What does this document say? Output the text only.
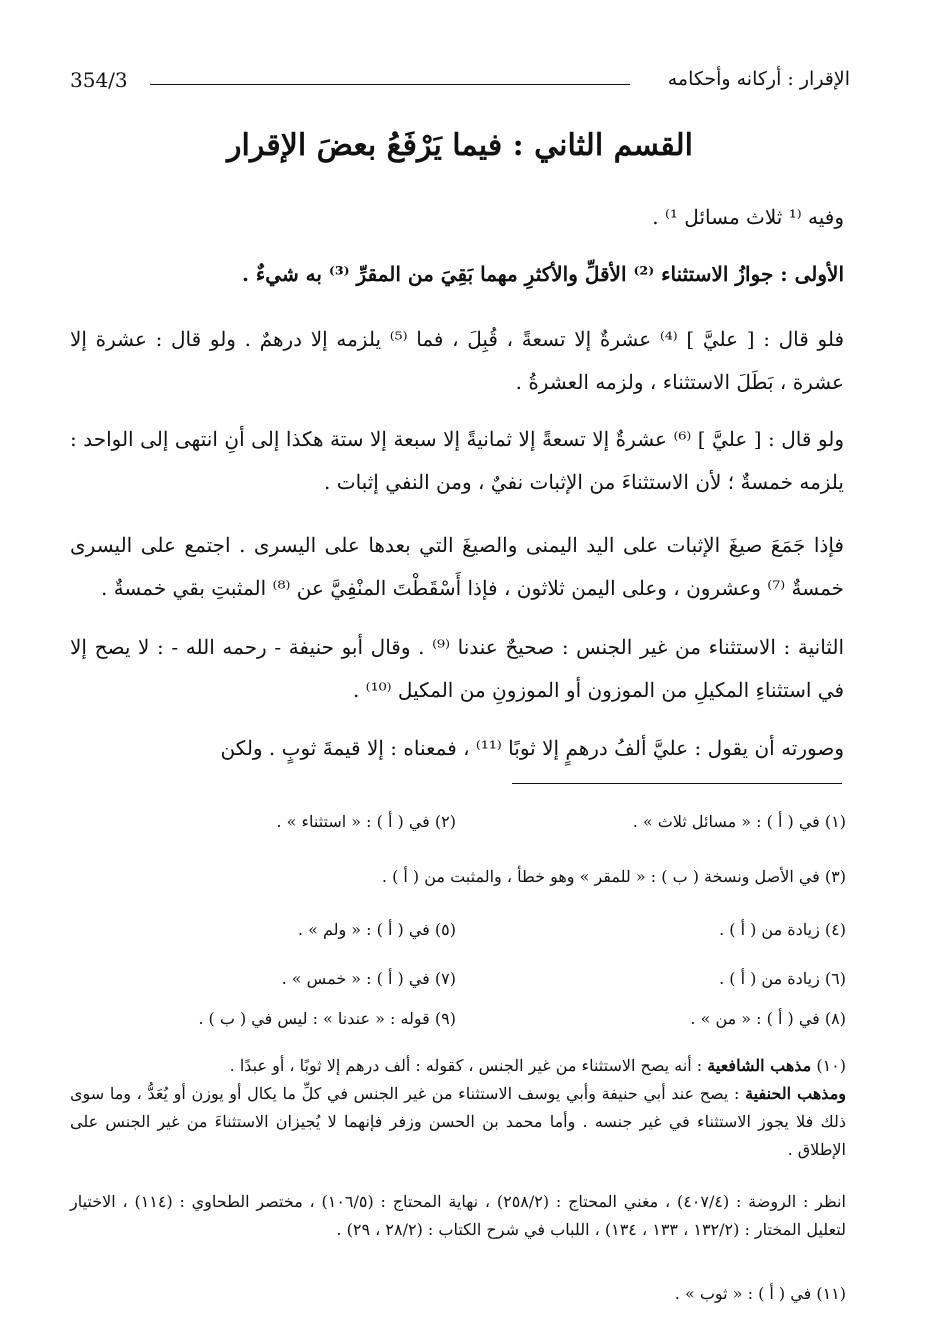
354/3	الإقرار : أركانه وأحكامه
القسم الثاني : فيما يَرْفَعُ بعضَ الإقرار

وفيه ⁽¹ ثلاث مسائل ¹⁾ .

الأولى : جوازُ الاستثناء ⁽²⁾ الأقلِّ والأكثرِ مهما بَقِيَ من المقرِّ ⁽³⁾ به شيءٌ .

فلو قال : [ عليَّ ] ⁽⁴⁾ عشرةٌ إلا تسعةً ، قُبِلَ ، فما ⁽⁵⁾ يلزمه إلا درهمٌ . ولو قال : عشرة إلا عشرة ، بَطَلَ الاستثناء ، ولزمه العشرةُ .

ولو قال : [ عليَّ ] ⁽⁶⁾ عشرةٌ إلا تسعةً إلا ثمانيةً إلا سبعة إلا ستة هكذا إلى أنِ انتهى إلى الواحد : يلزمه خمسةٌ ؛ لأن الاستثناءَ من الإثبات نفيٌ ، ومن النفي إثبات .

فإذا جَمَعَ صيغَ الإثبات على اليد اليمنى والصيغَ التي بعدها على اليسرى . اجتمع على اليسرى خمسةٌ ⁽⁷⁾ وعشرون ، وعلى اليمن ثلاثون ، فإذا أَسْقَطْتَ المنْفِيَّ عن ⁽⁸⁾ المثبتِ بقي خمسةٌ .

الثانية : الاستثناء من غير الجنس : صحيحٌ عندنا ⁽⁹⁾ . وقال أبو حنيفة - رحمه الله - : لا يصح إلا في استثناءِ المكيلِ من الموزون أو الموزونِ من المكيل ⁽¹⁰⁾ .

وصورته أن يقول : عليَّ ألفُ درهمٍ إلا ثوبًا ⁽¹¹⁾ ، فمعناه : إلا قيمةَ ثوبٍ . ولكن

(١) في ( أ ) : « مسائل ثلاث » .
(٢) في ( أ ) : « استثناء » .
(٣) في الأصل ونسخة ( ب ) : « للمقر » وهو خطأ ، والمثبت من ( أ ) .
(٤) زيادة من ( أ ) .
(٥) في ( أ ) : « ولم » .
(٦) زيادة من ( أ ) .
(٧) في ( أ ) : « خمس » .
(٨) في ( أ ) : « من » .
(٩) قوله : « عندنا » : ليس في ( ب ) .
(١٠) مذهب الشافعية : أنه يصح الاستثناء من غير الجنس ، كقوله : ألف درهم إلا ثوبًا ، أو عبدًا .
ومذهب الحنفية : يصح عند أبي حنيفة وأبي يوسف الاستثناء من غير الجنس في كلِّ ما يكال أو يوزن أو يُعَدُّ ، وما سوى ذلك فلا يجوز الاستثناء في غير جنسه . وأما محمد بن الحسن وزفر فإنهما لا يُجيزان الاستثناءَ من غير الجنس على الإطلاق .
انظر : الروضة : (٤٠٧/٤) ، مغني المحتاج : (٢٥٨/٢) ، نهاية المحتاج : (١٠٦/٥) ، مختصر الطحاوي : (١١٤) ، الاختيار لتعليل المختار : (١٣٢/٢ ، ١٣٣ ، ١٣٤) ، اللباب في شرح الكتاب : (٢٨/٢ ، ٢٩) .
(١١) في ( أ ) : « ثوب » .
